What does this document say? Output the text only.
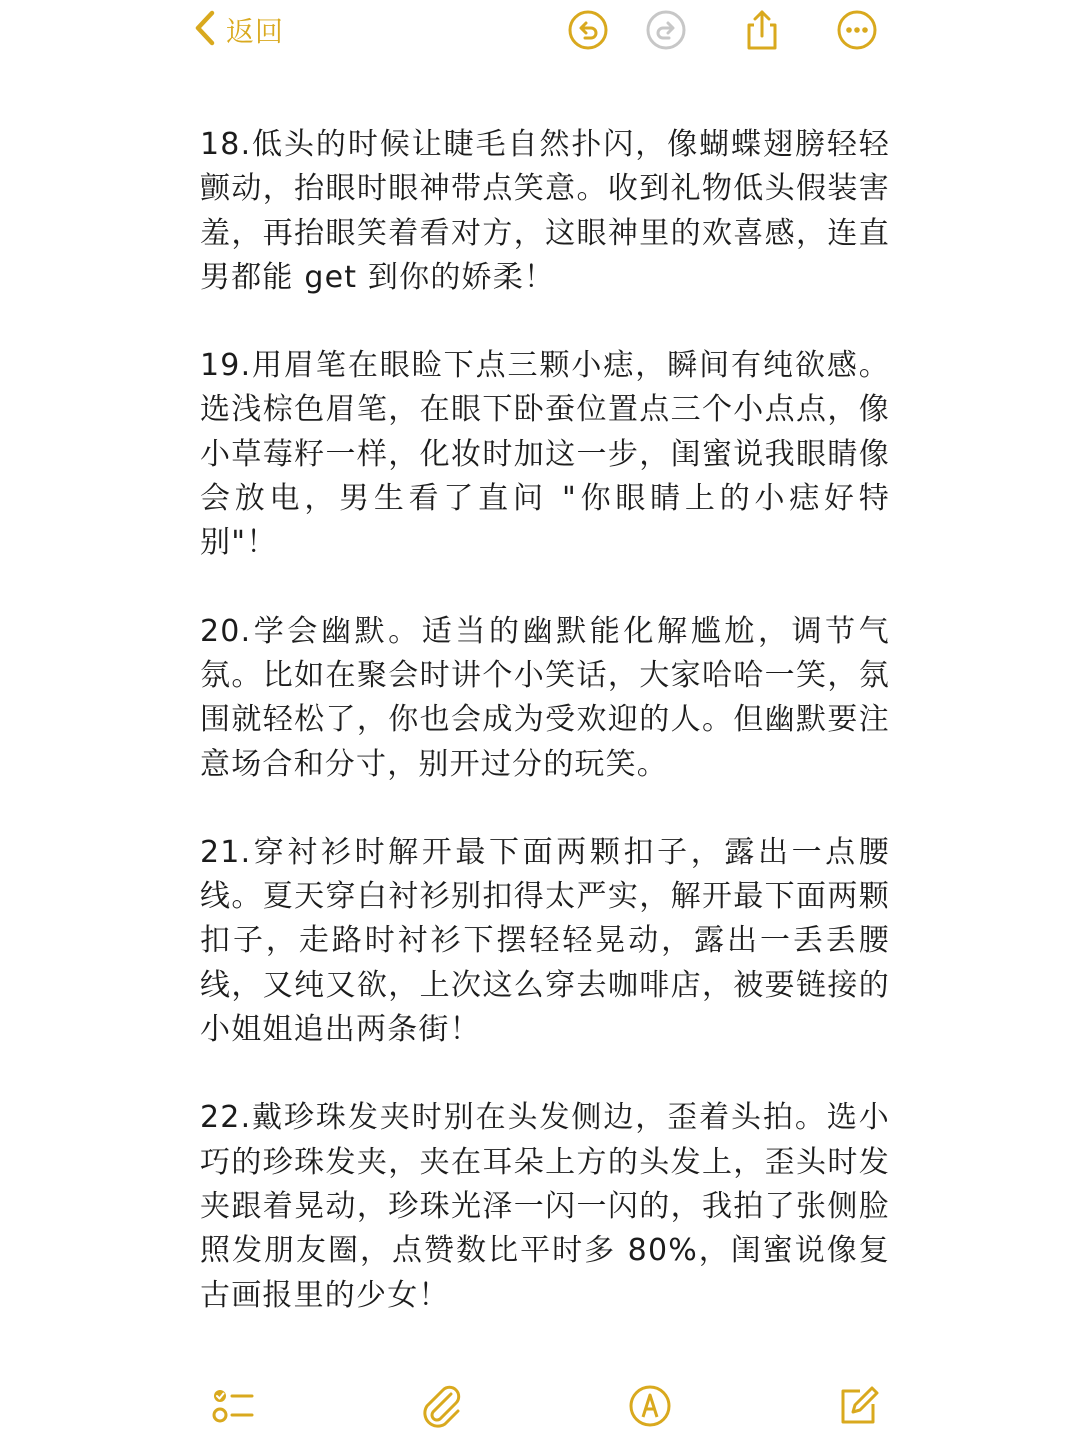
返回

18.低头的时候让睫毛自然扑闪，像蝴蝶翅膀轻轻颤动，抬眼时眼神带点笑意。收到礼物低头假装害羞，再抬眼笑着看对方，这眼神里的欢喜感，连直男都能 get 到你的娇柔！

19.用眉笔在眼睑下点三颗小痣，瞬间有纯欲感。选浅棕色眉笔，在眼下卧蚕位置点三个小点点，像小草莓籽一样，化妆时加这一步，闺蜜说我眼睛像会放电，男生看了直问 "你眼睛上的小痣好特别"！

20.学会幽默。适当的幽默能化解尴尬，调节气氛。比如在聚会时讲个小笑话，大家哈哈一笑，氛围就轻松了，你也会成为受欢迎的人。但幽默要注意场合和分寸，别开过分的玩笑。

21.穿衬衫时解开最下面两颗扣子，露出一点腰线。夏天穿白衬衫别扣得太严实，解开最下面两颗扣子，走路时衬衫下摆轻轻晃动，露出一丢丢腰线，又纯又欲，上次这么穿去咖啡店，被要链接的小姐姐追出两条街！

22.戴珍珠发夹时别在头发侧边，歪着头拍。选小巧的珍珠发夹，夹在耳朵上方的头发上，歪头时发夹跟着晃动，珍珠光泽一闪一闪的，我拍了张侧脸照发朋友圈，点赞数比平时多 80%，闺蜜说像复古画报里的少女！
